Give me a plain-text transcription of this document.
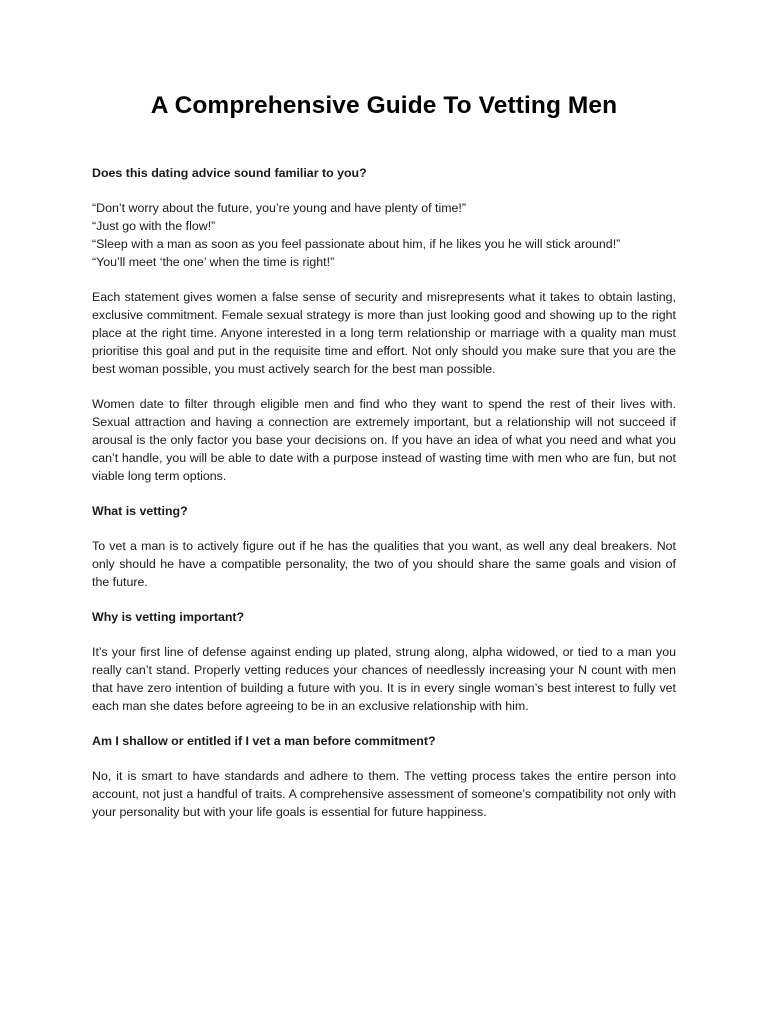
A Comprehensive Guide To Vetting Men

Does this dating advice sound familiar to you?

“Don’t worry about the future, you’re young and have plenty of time!”

“Just go with the flow!”

“Sleep with a man as soon as you feel passionate about him, if he likes you he will stick around!”

“You’ll meet ‘the one’ when the time is right!”

Each statement gives women a false sense of security and misrepresents what it takes to obtain lasting, exclusive commitment. Female sexual strategy is more than just looking good and showing up to the right place at the right time. Anyone interested in a long term relationship or marriage with a quality man must prioritise this goal and put in the requisite time and effort. Not only should you make sure that you are the best woman possible, you must actively search for the best man possible.

Women date to filter through eligible men and find who they want to spend the rest of their lives with. Sexual attraction and having a connection are extremely important, but a relationship will not succeed if arousal is the only factor you base your decisions on. If you have an idea of what you need and what you can’t handle, you will be able to date with a purpose instead of wasting time with men who are fun, but not viable long term options.

What is vetting?

To vet a man is to actively figure out if he has the qualities that you want, as well any deal breakers. Not only should he have a compatible personality, the two of you should share the same goals and vision of the future.

Why is vetting important?

It’s your first line of defense against ending up plated, strung along, alpha widowed, or tied to a man you really can’t stand. Properly vetting reduces your chances of needlessly increasing your N count with men that have zero intention of building a future with you. It is in every single woman’s best interest to fully vet each man she dates before agreeing to be in an exclusive relationship with him.

Am I shallow or entitled if I vet a man before commitment?

No, it is smart to have standards and adhere to them. The vetting process takes the entire person into account, not just a handful of traits. A comprehensive assessment of someone’s compatibility not only with your personality but with your life goals is essential for future happiness.
